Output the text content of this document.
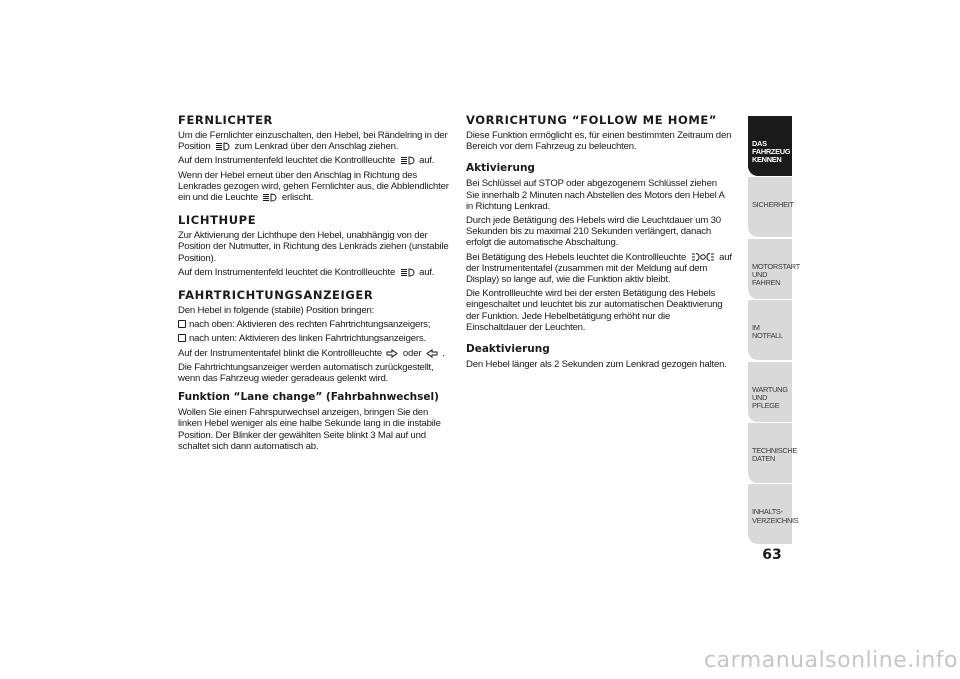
FERNLICHTER
Um die Fernlichter einzuschalten, den Hebel, bei Rändelring in der Position zum Lenkrad über den Anschlag ziehen.
Auf dem Instrumentenfeld leuchtet die Kontrollleuchte auf.
Wenn der Hebel erneut über den Anschlag in Richtung des Lenkrades gezogen wird, gehen Fernlichter aus, die Abblendlichter ein und die Leuchte erlischt.
LICHTHUPE
Zur Aktivierung der Lichthupe den Hebel, unabhängig von der Position der Nutmutter, in Richtung des Lenkrads ziehen (unstabile Position).
Auf dem Instrumentenfeld leuchtet die Kontrollleuchte auf.
FAHRTRICHTUNGSANZEIGER
Den Hebel in folgende (stabile) Position bringen:
nach oben: Aktivieren des rechten Fahrtrichtungsanzeigers;
nach unten: Aktivieren des linken Fahrtrichtungsanzeigers.
Auf der Instrumententafel blinkt die Kontrollleuchte oder .
Die Fahrtrichtungsanzeiger werden automatisch zurückgestellt, wenn das Fahrzeug wieder geradeaus gelenkt wird.
Funktion “Lane change” (Fahrbahnwechsel)
Wollen Sie einen Fahrspurwechsel anzeigen, bringen Sie den linken Hebel weniger als eine halbe Sekunde lang in die instabile Position. Der Blinker der gewählten Seite blinkt 3 Mal auf und schaltet sich dann automatisch ab.
VORRICHTUNG “FOLLOW ME HOME”
Diese Funktion ermöglicht es, für einen bestimmten Zeitraum den Bereich vor dem Fahrzeug zu beleuchten.
Aktivierung
Bei Schlüssel auf STOP oder abgezogenem Schlüssel ziehen Sie innerhalb 2 Minuten nach Abstellen des Motors den Hebel A in Richtung Lenkrad.
Durch jede Betätigung des Hebels wird die Leuchtdauer um 30 Sekunden bis zu maximal 210 Sekunden verlängert, danach erfolgt die automatische Abschaltung.
Bei Betätigung des Hebels leuchtet die Kontrollleuchte	auf der Instrumententafel (zusammen mit der Meldung auf dem Display) so lange auf, wie die Funktion aktiv bleibt.
Die Kontrollleuchte wird bei der ersten Betätigung des Hebels eingeschaltet und leuchtet bis zur automatischen Deaktivierung der Funktion. Jede Hebelbetätigung erhöht nur die Einschaltdauer der Leuchten.
Deaktivierung
Den Hebel länger als 2 Sekunden zum Lenkrad gezogen halten.
DAS FAHRZEUG
KENNEN
SICHERHEIT
MOTORSTART UND
FAHREN
IM NOTFALL
WARTUNG UND
PFLEGE
TECHNISCHE DATEN
INHALTS-
VERZEICHNIS
63
carmanualsonline.info
